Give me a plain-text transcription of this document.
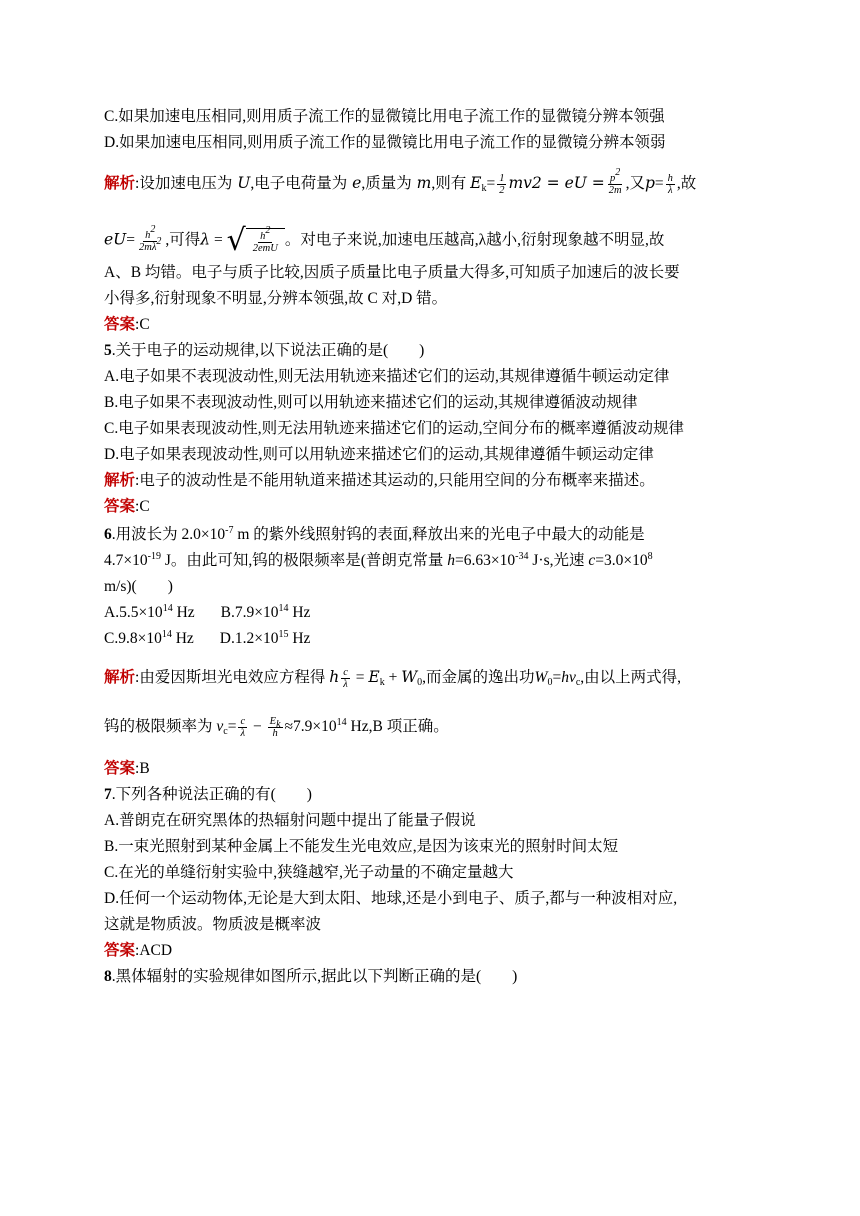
C.如果加速电压相同,则用质子流工作的显微镜比用电子流工作的显微镜分辨本领强
D.如果加速电压相同,则用质子流工作的显微镜比用电子流工作的显微镜分辨本领弱
解析:设加速电压为 U,电子电荷量为 e,质量为 m,则有 $E_k= \frac{1}{2} mv2$ = eU = $\frac{p^2}{2m}$ ,又$p= \frac{h}{\lambda}$ ,故
$eU= \frac{h^2}{2m\lambda^2}$ ,可得λ = √ $\frac{h^2}{\text{2emU}}$ 。对电子来说,加速电压越高,λ越小,衍射现象越不明显,故
A、B 均错。电子与质子比较,因质子质量比电子质量大得多,可知质子加速后的波长要
小得多,衍射现象不明显,分辨本领强,故 C 对,D 错。
答案:C
5.关于电子的运动规律,以下说法正确的是(　　)
A.电子如果不表现波动性,则无法用轨迹来描述它们的运动,其规律遵循牛顿运动定律
B.电子如果不表现波动性,则可以用轨迹来描述它们的运动,其规律遵循波动规律
C.电子如果表现波动性,则无法用轨迹来描述它们的运动,空间分布的概率遵循波动规律
D.电子如果表现波动性,则可以用轨迹来描述它们的运动,其规律遵循牛顿运动定律
解析:电子的波动性是不能用轨道来描述其运动的,只能用空间的分布概率来描述。
答案:C
6.用波长为 $2.0\times 10^{-7}$ m 的紫外线照射钨的表面,释放出来的光电子中最大的动能是
$4.7\times 10^{-19}$ J。由此可知,钨的极限频率是(普朗克常量 $h=6.63\times 10^{-34}$ J·s,光速 $c=3.0\times 10^8$
m/s)(　　)
$A.5.5\times 10^{14}$ Hz $B.7.9\times 10^{14}$ Hz
$C.9.8\times 10^{14}$ Hz $D.1.2\times 10^{15}$ Hz
解析:由爱因斯坦光电效应方程得 h $\frac{c}{\lambda} = E_k + W_0$,而金属的逸出功$W_0=h\nu_c$,由以上两式得,
钨的极限频率为 $\nu_c= \frac{c}{\lambda} - \frac{E_k}{h} \approx 7.9\times 10^{14}$ Hz,B 项正确。
答案:B
7.下列各种说法正确的有(　　)
A.普朗克在研究黑体的热辐射问题中提出了能量子假说
B.一束光照射到某种金属上不能发生光电效应,是因为该束光的照射时间太短
C.在光的单缝衍射实验中,狭缝越窄,光子动量的不确定量越大
D.任何一个运动物体,无论是大到太阳、地球,还是小到电子、质子,都与一种波相对应,
这就是物质波。物质波是概率波
答案:ACD
8.黑体辐射的实验规律如图所示,据此以下判断正确的是(　　)
